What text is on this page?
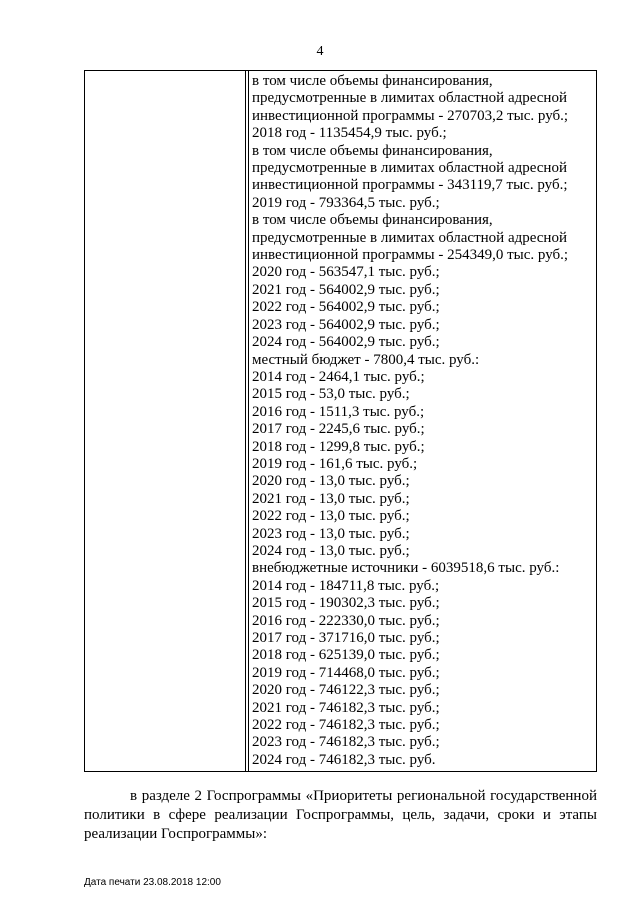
4
в том числе объемы финансирования,
предусмотренные в лимитах областной адресной
инвестиционной программы - 270703,2 тыс. руб.;
2018 год - 1135454,9 тыс. руб.;
в том числе объемы финансирования,
предусмотренные в лимитах областной адресной
инвестиционной программы - 343119,7 тыс. руб.;
2019 год - 793364,5 тыс. руб.;
в том числе объемы финансирования,
предусмотренные в лимитах областной адресной
инвестиционной программы - 254349,0 тыс. руб.;
2020 год - 563547,1 тыс. руб.;
2021 год - 564002,9 тыс. руб.;
2022 год - 564002,9 тыс. руб.;
2023 год - 564002,9 тыс. руб.;
2024 год - 564002,9 тыс. руб.;
местный бюджет - 7800,4 тыс. руб.:
2014 год - 2464,1 тыс. руб.;
2015 год - 53,0 тыс. руб.;
2016 год - 1511,3 тыс. руб.;
2017 год - 2245,6 тыс. руб.;
2018 год - 1299,8 тыс. руб.;
2019 год - 161,6 тыс. руб.;
2020 год - 13,0 тыс. руб.;
2021 год - 13,0 тыс. руб.;
2022 год - 13,0 тыс. руб.;
2023 год - 13,0 тыс. руб.;
2024 год - 13,0 тыс. руб.;
внебюджетные источники - 6039518,6 тыс. руб.:
2014 год - 184711,8 тыс. руб.;
2015 год - 190302,3 тыс. руб.;
2016 год - 222330,0 тыс. руб.;
2017 год - 371716,0 тыс. руб.;
2018 год - 625139,0 тыс. руб.;
2019 год - 714468,0 тыс. руб.;
2020 год - 746122,3 тыс. руб.;
2021 год - 746182,3 тыс. руб.;
2022 год - 746182,3 тыс. руб.;
2023 год - 746182,3 тыс. руб.;
2024 год - 746182,3 тыс. руб.

в разделе 2 Госпрограммы «Приоритеты региональной государственной политики в сфере реализации Госпрограммы, цель, задачи, сроки и этапы реализации Госпрограммы»:

Дата печати 23.08.2018 12:00
